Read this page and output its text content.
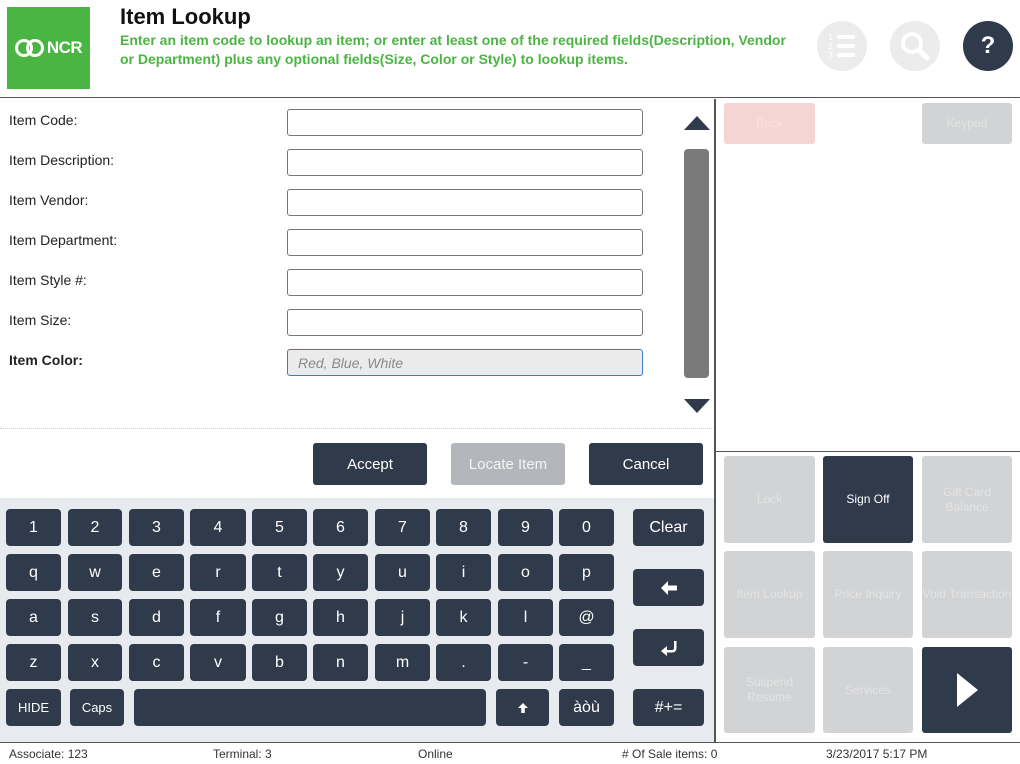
NCR
Item Lookup
Enter an item code to lookup an item; or enter at least one of the required fields(Description, Vendor or Department) plus any optional fields(Size, Color or Style) to lookup items.
1
2
3	?
Item Code:
Item Description:
Item Vendor:
Item Department:
Item Style #:
Item Size:
Item Color:
Red, Blue, White
Accept	Locate Item	Cancel
1	2	3	4	5	6	7	8	9	0	Clear
q	w	e	r	t	y	u	i	o	p
a	s	d	f	g	h	j	k	l	@
z	x	c	v	b	n	m	.	-	_
HIDE	Caps	àòù	#+=
Back	Keypad
Lock	Sign Off
Gift Card Balance
Item Lookup	Price Inquiry	Void Transaction
Suspend Resume
Services
Associate: 123	Terminal: 3	Online	# Of Sale items: 0	3/23/2017 5:17 PM
